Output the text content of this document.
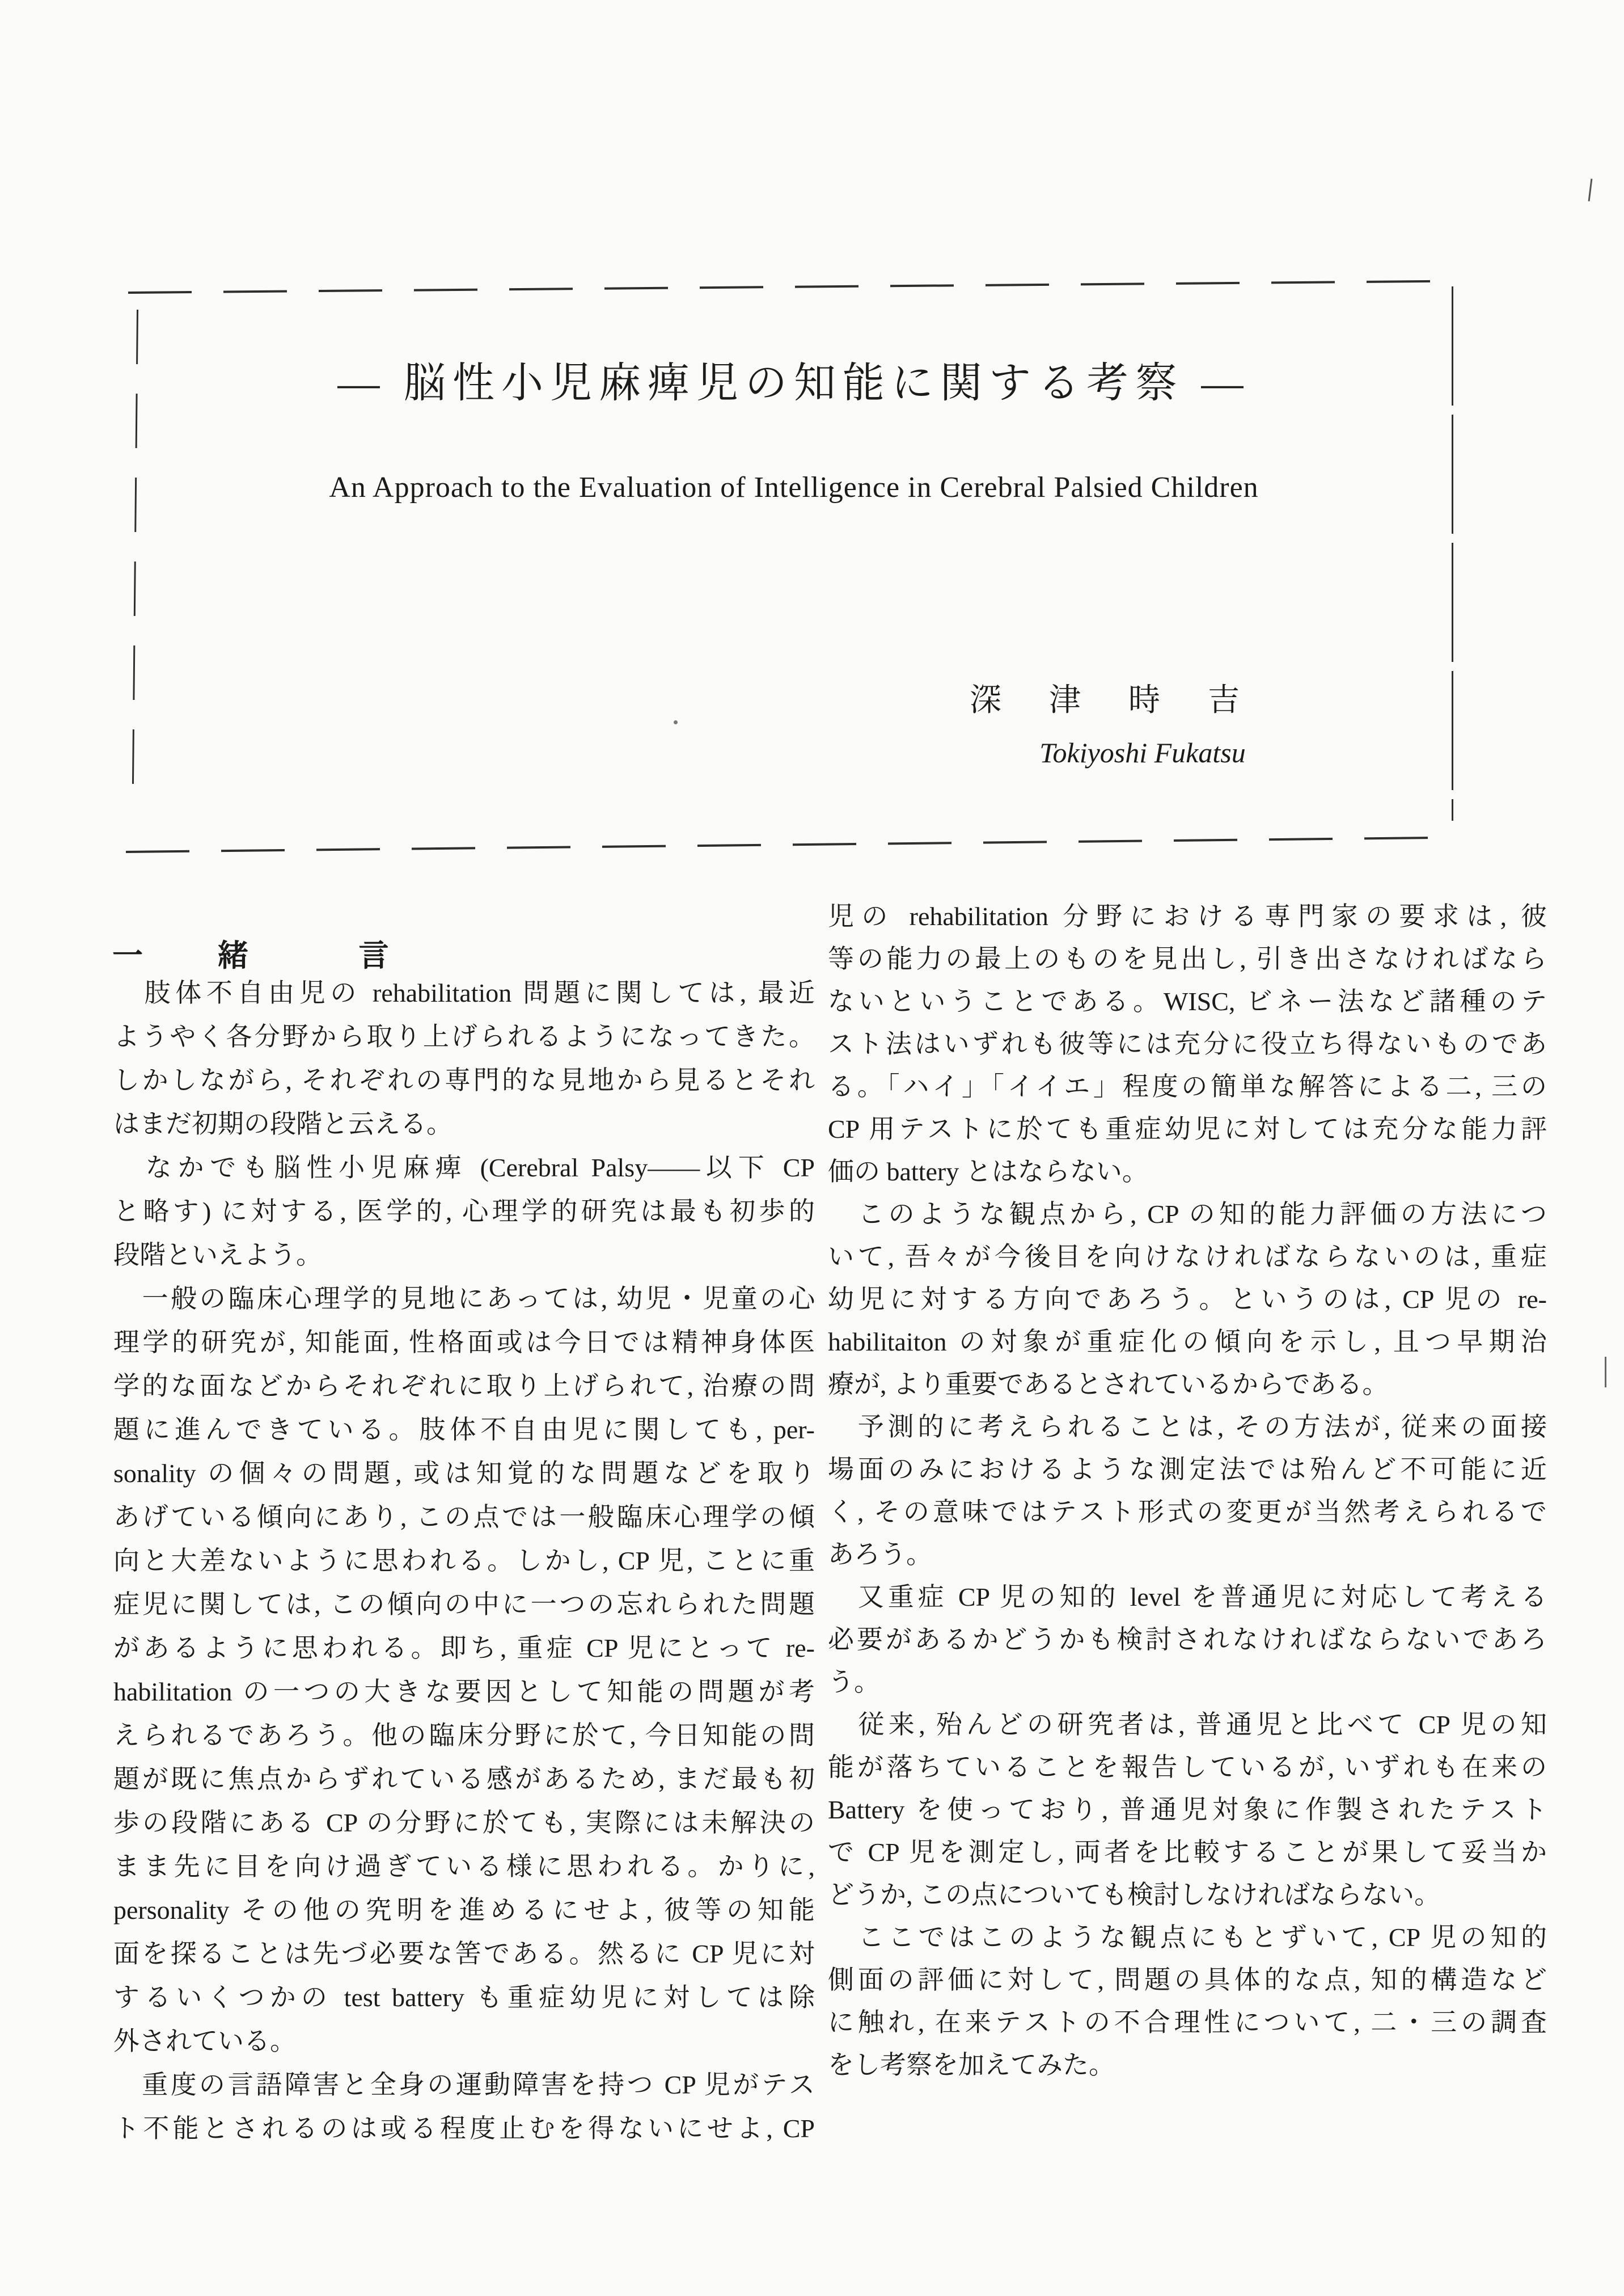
— 脳性小児麻痺児の知能に関する考察 —
An Approach to the Evaluation of Intelligence in Cerebral Palsied Children
深　津　時　吉
Tokiyoshi Fukatsu
一 緒　言
　肢体不自由児の rehabilitation 問題に関しては, 最近
ようやく各分野から取り上げられるようになってきた。
しかしながら, それぞれの専門的な見地から見るとそれ
はまだ初期の段階と云える。
　なかでも脳性小児麻痺 (Cerebral Palsy——以下 CP
と略す) に対する, 医学的, 心理学的研究は最も初歩的
段階といえよう。
　一般の臨床心理学的見地にあっては, 幼児・児童の心
理学的研究が, 知能面, 性格面或は今日では精神身体医
学的な面などからそれぞれに取り上げられて, 治療の問
題に進んできている。肢体不自由児に関しても, per-
sonality の個々の問題, 或は知覚的な問題などを取り
あげている傾向にあり, この点では一般臨床心理学の傾
向と大差ないように思われる。しかし, CP 児, ことに重
症児に関しては, この傾向の中に一つの忘れられた問題
があるように思われる。即ち, 重症 CP 児にとって re-
habilitation の一つの大きな要因として知能の問題が考
えられるであろう。他の臨床分野に於て, 今日知能の問
題が既に焦点からずれている感があるため, まだ最も初
歩の段階にある CP の分野に於ても, 実際には未解決の
まま先に目を向け過ぎている様に思われる。かりに,
personality その他の究明を進めるにせよ, 彼等の知能
面を探ることは先づ必要な筈である。然るに CP 児に対
するいくつかの test battery も重症幼児に対しては除
外されている。
　重度の言語障害と全身の運動障害を持つ CP 児がテス
ト不能とされるのは或る程度止むを得ないにせよ, CP
児の rehabilitation 分野における専門家の要求は, 彼
等の能力の最上のものを見出し, 引き出さなければなら
ないということである。WISC, ビネー法など諸種のテ
スト法はいずれも彼等には充分に役立ち得ないものであ
る。「ハイ」「イイエ」程度の簡単な解答による二, 三の
CP 用テストに於ても重症幼児に対しては充分な能力評
価の battery とはならない。
　このような観点から, CP の知的能力評価の方法につ
いて, 吾々が今後目を向けなければならないのは, 重症
幼児に対する方向であろう。というのは, CP 児の re-
habilitaiton の対象が重症化の傾向を示し, 且つ早期治
療が, より重要であるとされているからである。
　予測的に考えられることは, その方法が, 従来の面接
場面のみにおけるような測定法では殆んど不可能に近
く, その意味ではテスト形式の変更が当然考えられるで
あろう。
　又重症 CP 児の知的 level を普通児に対応して考える
必要があるかどうかも検討されなければならないであろ
う。
　従来, 殆んどの研究者は, 普通児と比べて CP 児の知
能が落ちていることを報告しているが, いずれも在来の
Battery を使っており, 普通児対象に作製されたテスト
で CP 児を測定し, 両者を比較することが果して妥当か
どうか, この点についても検討しなければならない。
　ここではこのような観点にもとずいて, CP 児の知的
側面の評価に対して, 問題の具体的な点, 知的構造など
に触れ, 在来テストの不合理性について, 二・三の調査
をし考察を加えてみた。
